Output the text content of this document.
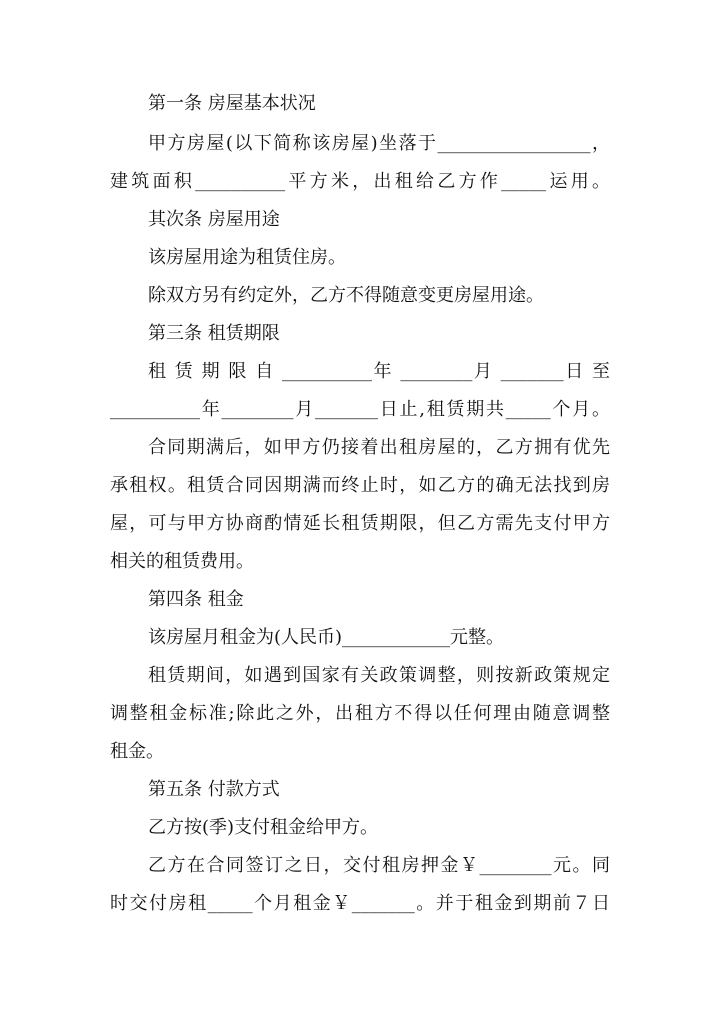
第一条 房屋基本状况
甲方房屋(以下简称该房屋)坐落于_________________，
建筑面积__________平方米，出租给乙方作_____运用。
其次条 房屋用途
该房屋用途为租赁住房。
除双方另有约定外，乙方不得随意变更房屋用途。
第三条 租赁期限
租 赁 期 限 自 __________年 ________月 _______日 至
__________年________月_______日止,租赁期共_____个月。
合同期满后，如甲方仍接着出租房屋的，乙方拥有优先
承租权。租赁合同因期满而终止时，如乙方的确无法找到房
屋，可与甲方协商酌情延长租赁期限，但乙方需先支付甲方
相关的租赁费用。
第四条 租金
该房屋月租金为(人民币)____________元整。
租赁期间，如遇到国家有关政策调整，则按新政策规定
调整租金标准;除此之外，出租方不得以任何理由随意调整
租金。
第五条 付款方式
乙方按(季)支付租金给甲方。
乙方在合同签订之日，交付租房押金￥________元。同
时交付房租_____个月租金￥_______。并于租金到期前７日
